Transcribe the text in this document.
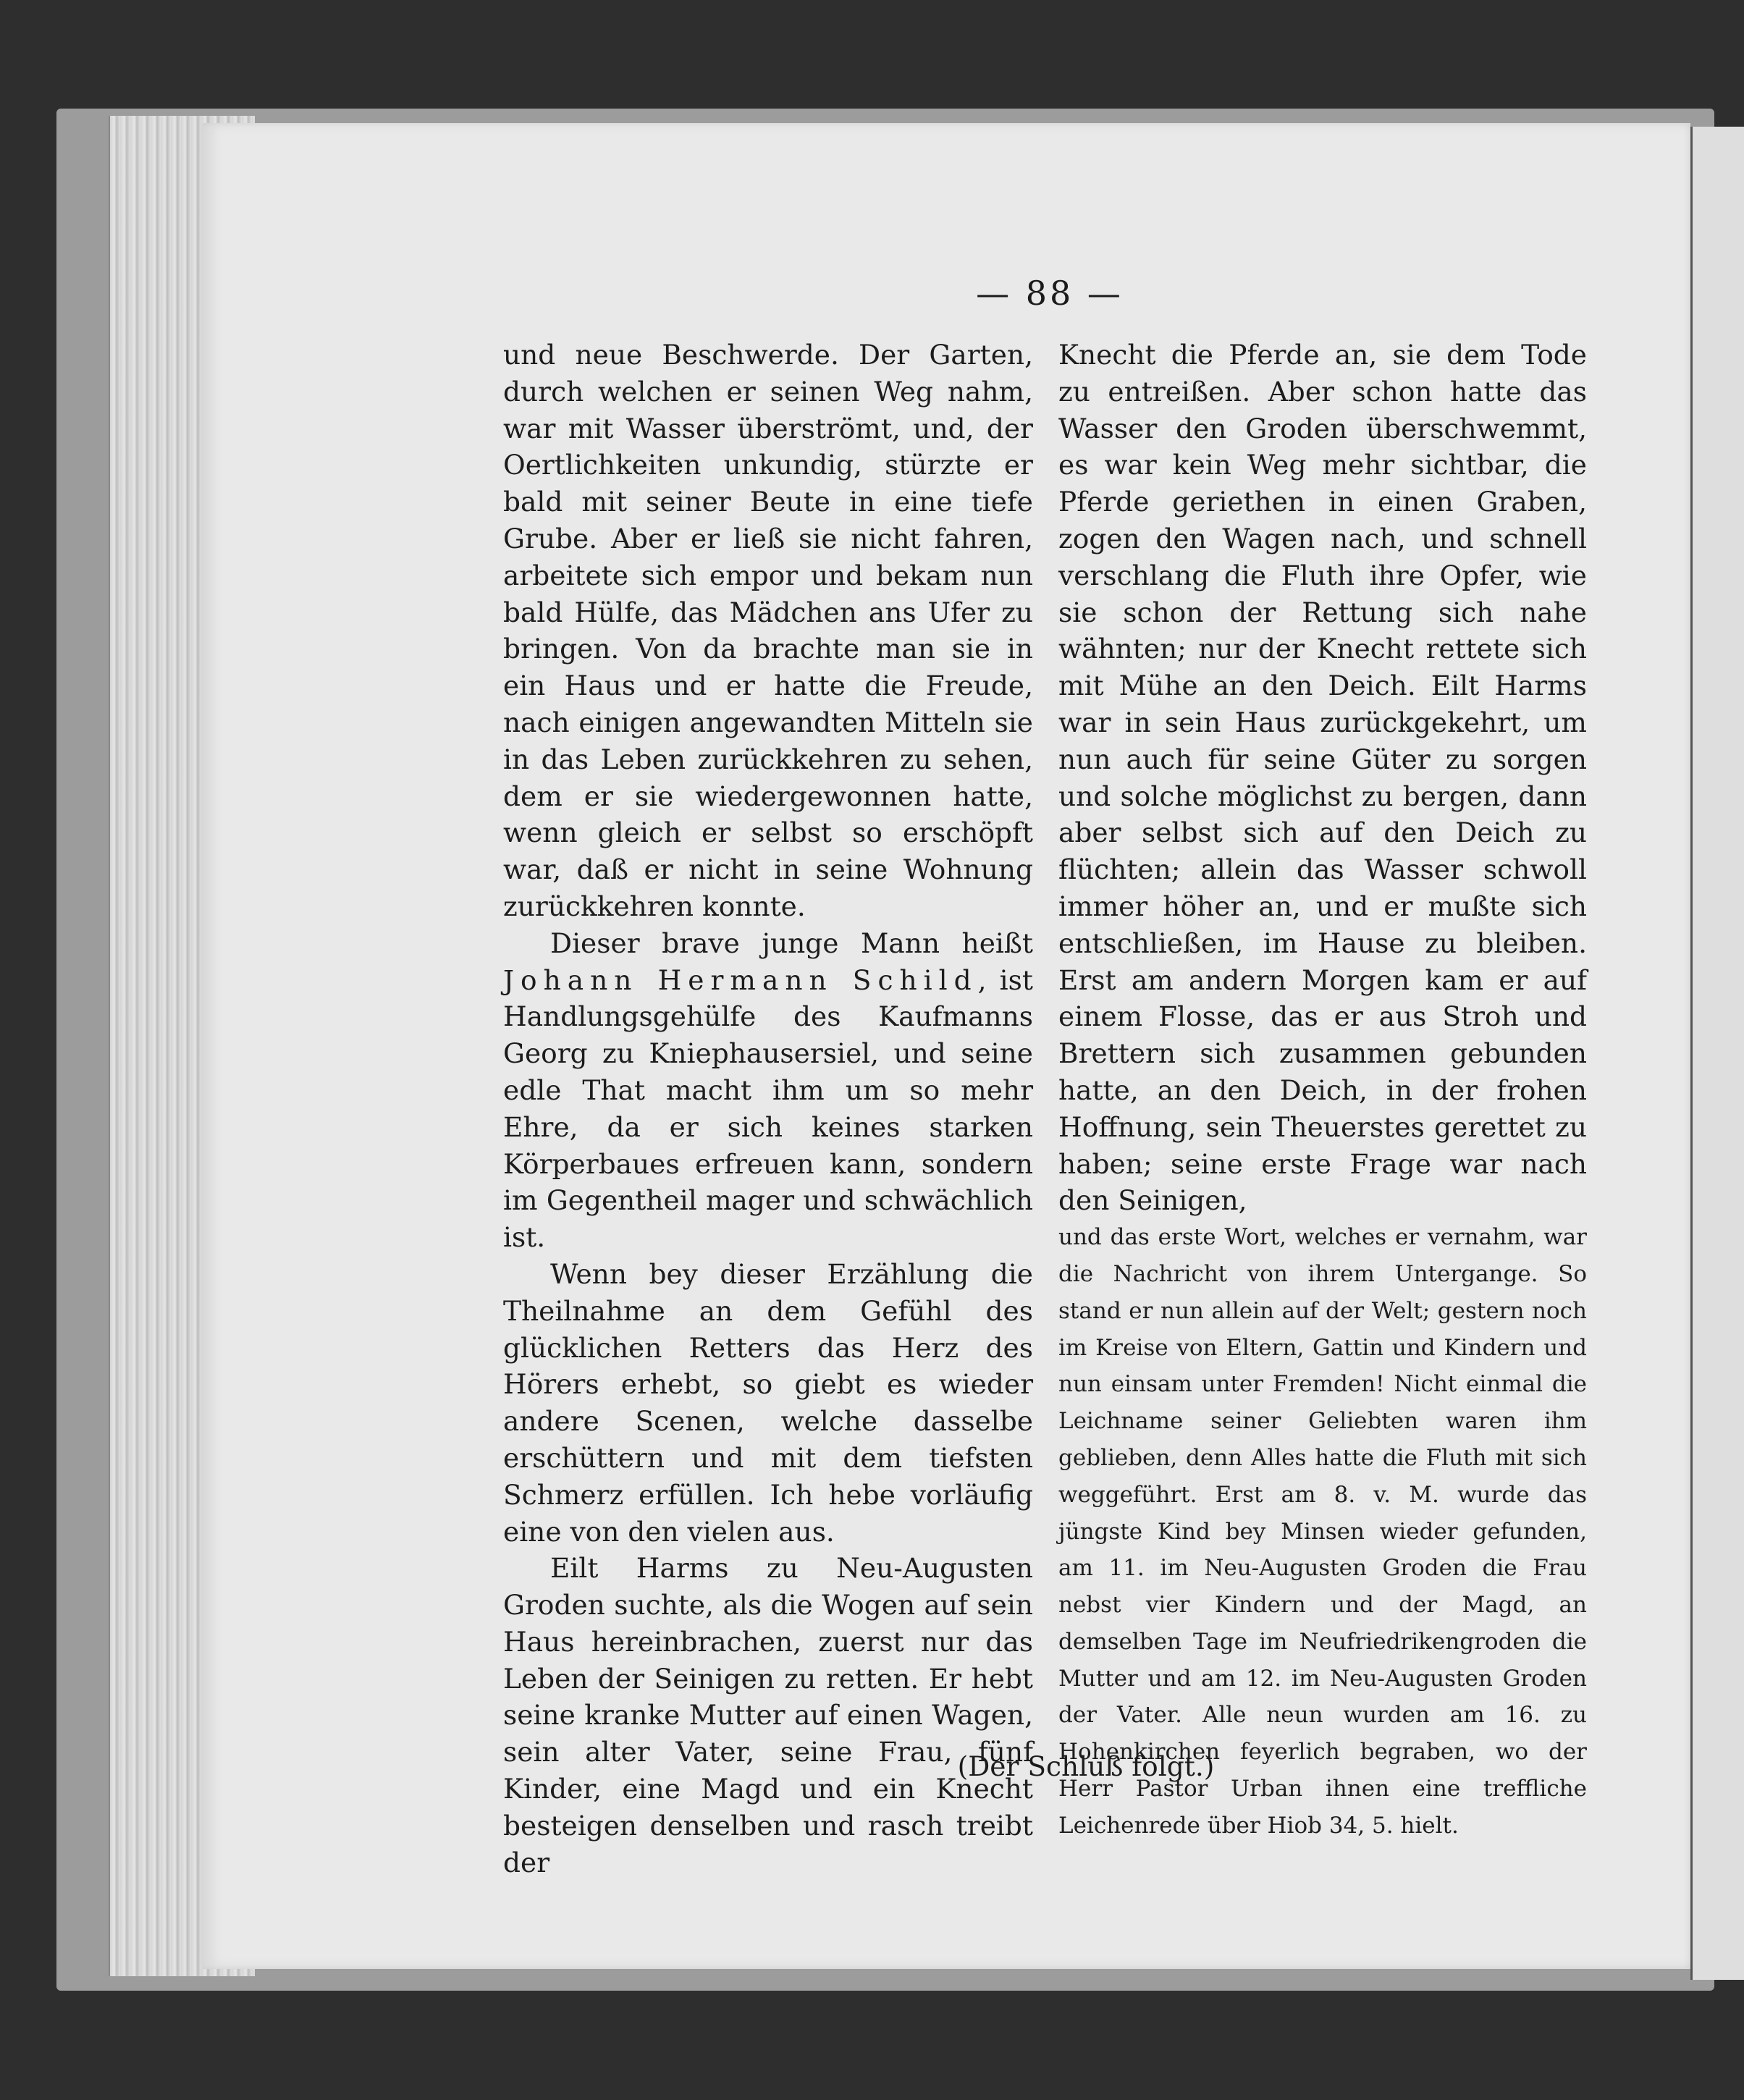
— 88 —

und neue Beschwerde. Der Garten, durch welchen er seinen Weg nahm, war mit Wasser überströmt, und, der Oertlichkeiten unkundig, stürzte er bald mit seiner Beute in eine tiefe Grube. Aber er ließ sie nicht fahren, arbeitete sich empor und bekam nun bald Hülfe, das Mädchen ans Ufer zu bringen. Von da brachte man sie in ein Haus und er hatte die Freude, nach einigen angewandten Mitteln sie in das Leben zurückkehren zu sehen, dem er sie wiedergewonnen hatte, wenn gleich er selbst so erschöpft war, daß er nicht in seine Wohnung zurückkehren konnte.

Dieser brave junge Mann heißt Johann Hermann Schild, ist Handlungsgehülfe des Kaufmanns Georg zu Kniephausersiel, und seine edle That macht ihm um so mehr Ehre, da er sich keines starken Körperbaues erfreuen kann, sondern im Gegentheil mager und schwächlich ist.

Wenn bey dieser Erzählung die Theilnahme an dem Gefühl des glücklichen Retters das Herz des Hörers erhebt, so giebt es wieder andere Scenen, welche dasselbe erschüttern und mit dem tiefsten Schmerz erfüllen. Ich hebe vorläufig eine von den vielen aus.

Eilt Harms zu Neu-Augusten Groden suchte, als die Wogen auf sein Haus hereinbrachen, zuerst nur das Leben der Seinigen zu retten. Er hebt seine kranke Mutter auf einen Wagen, sein alter Vater, seine Frau, fünf Kinder, eine Magd und ein Knecht besteigen denselben und rasch treibt der

Knecht die Pferde an, sie dem Tode zu entreißen. Aber schon hatte das Wasser den Groden überschwemmt, es war kein Weg mehr sichtbar, die Pferde geriethen in einen Graben, zogen den Wagen nach, und schnell verschlang die Fluth ihre Opfer, wie sie schon der Rettung sich nahe wähnten; nur der Knecht rettete sich mit Mühe an den Deich. Eilt Harms war in sein Haus zurückgekehrt, um nun auch für seine Güter zu sorgen und solche möglichst zu bergen, dann aber selbst sich auf den Deich zu flüchten; allein das Wasser schwoll immer höher an, und er mußte sich entschließen, im Hause zu bleiben. Erst am andern Morgen kam er auf einem Flosse, das er aus Stroh und Brettern sich zusammen gebunden hatte, an den Deich, in der frohen Hoffnung, sein Theuerstes gerettet zu haben; seine erste Frage war nach den Seinigen,

und das erste Wort, welches er vernahm, war die Nachricht von ihrem Untergange. So stand er nun allein auf der Welt; gestern noch im Kreise von Eltern, Gattin und Kindern und nun einsam unter Fremden! Nicht einmal die Leichname seiner Geliebten waren ihm geblieben, denn Alles hatte die Fluth mit sich weggeführt. Erst am 8. v. M. wurde das jüngste Kind bey Minsen wieder gefunden, am 11. im Neu-Augusten Groden die Frau nebst vier Kindern und der Magd, an demselben Tage im Neufriedrikengroden die Mutter und am 12. im Neu-Augusten Groden der Vater. Alle neun wurden am 16. zu Hohenkirchen feyerlich begraben, wo der Herr Pastor Urban ihnen eine treffliche Leichenrede über Hiob 34, 5. hielt.

(Der Schluß folgt.)
